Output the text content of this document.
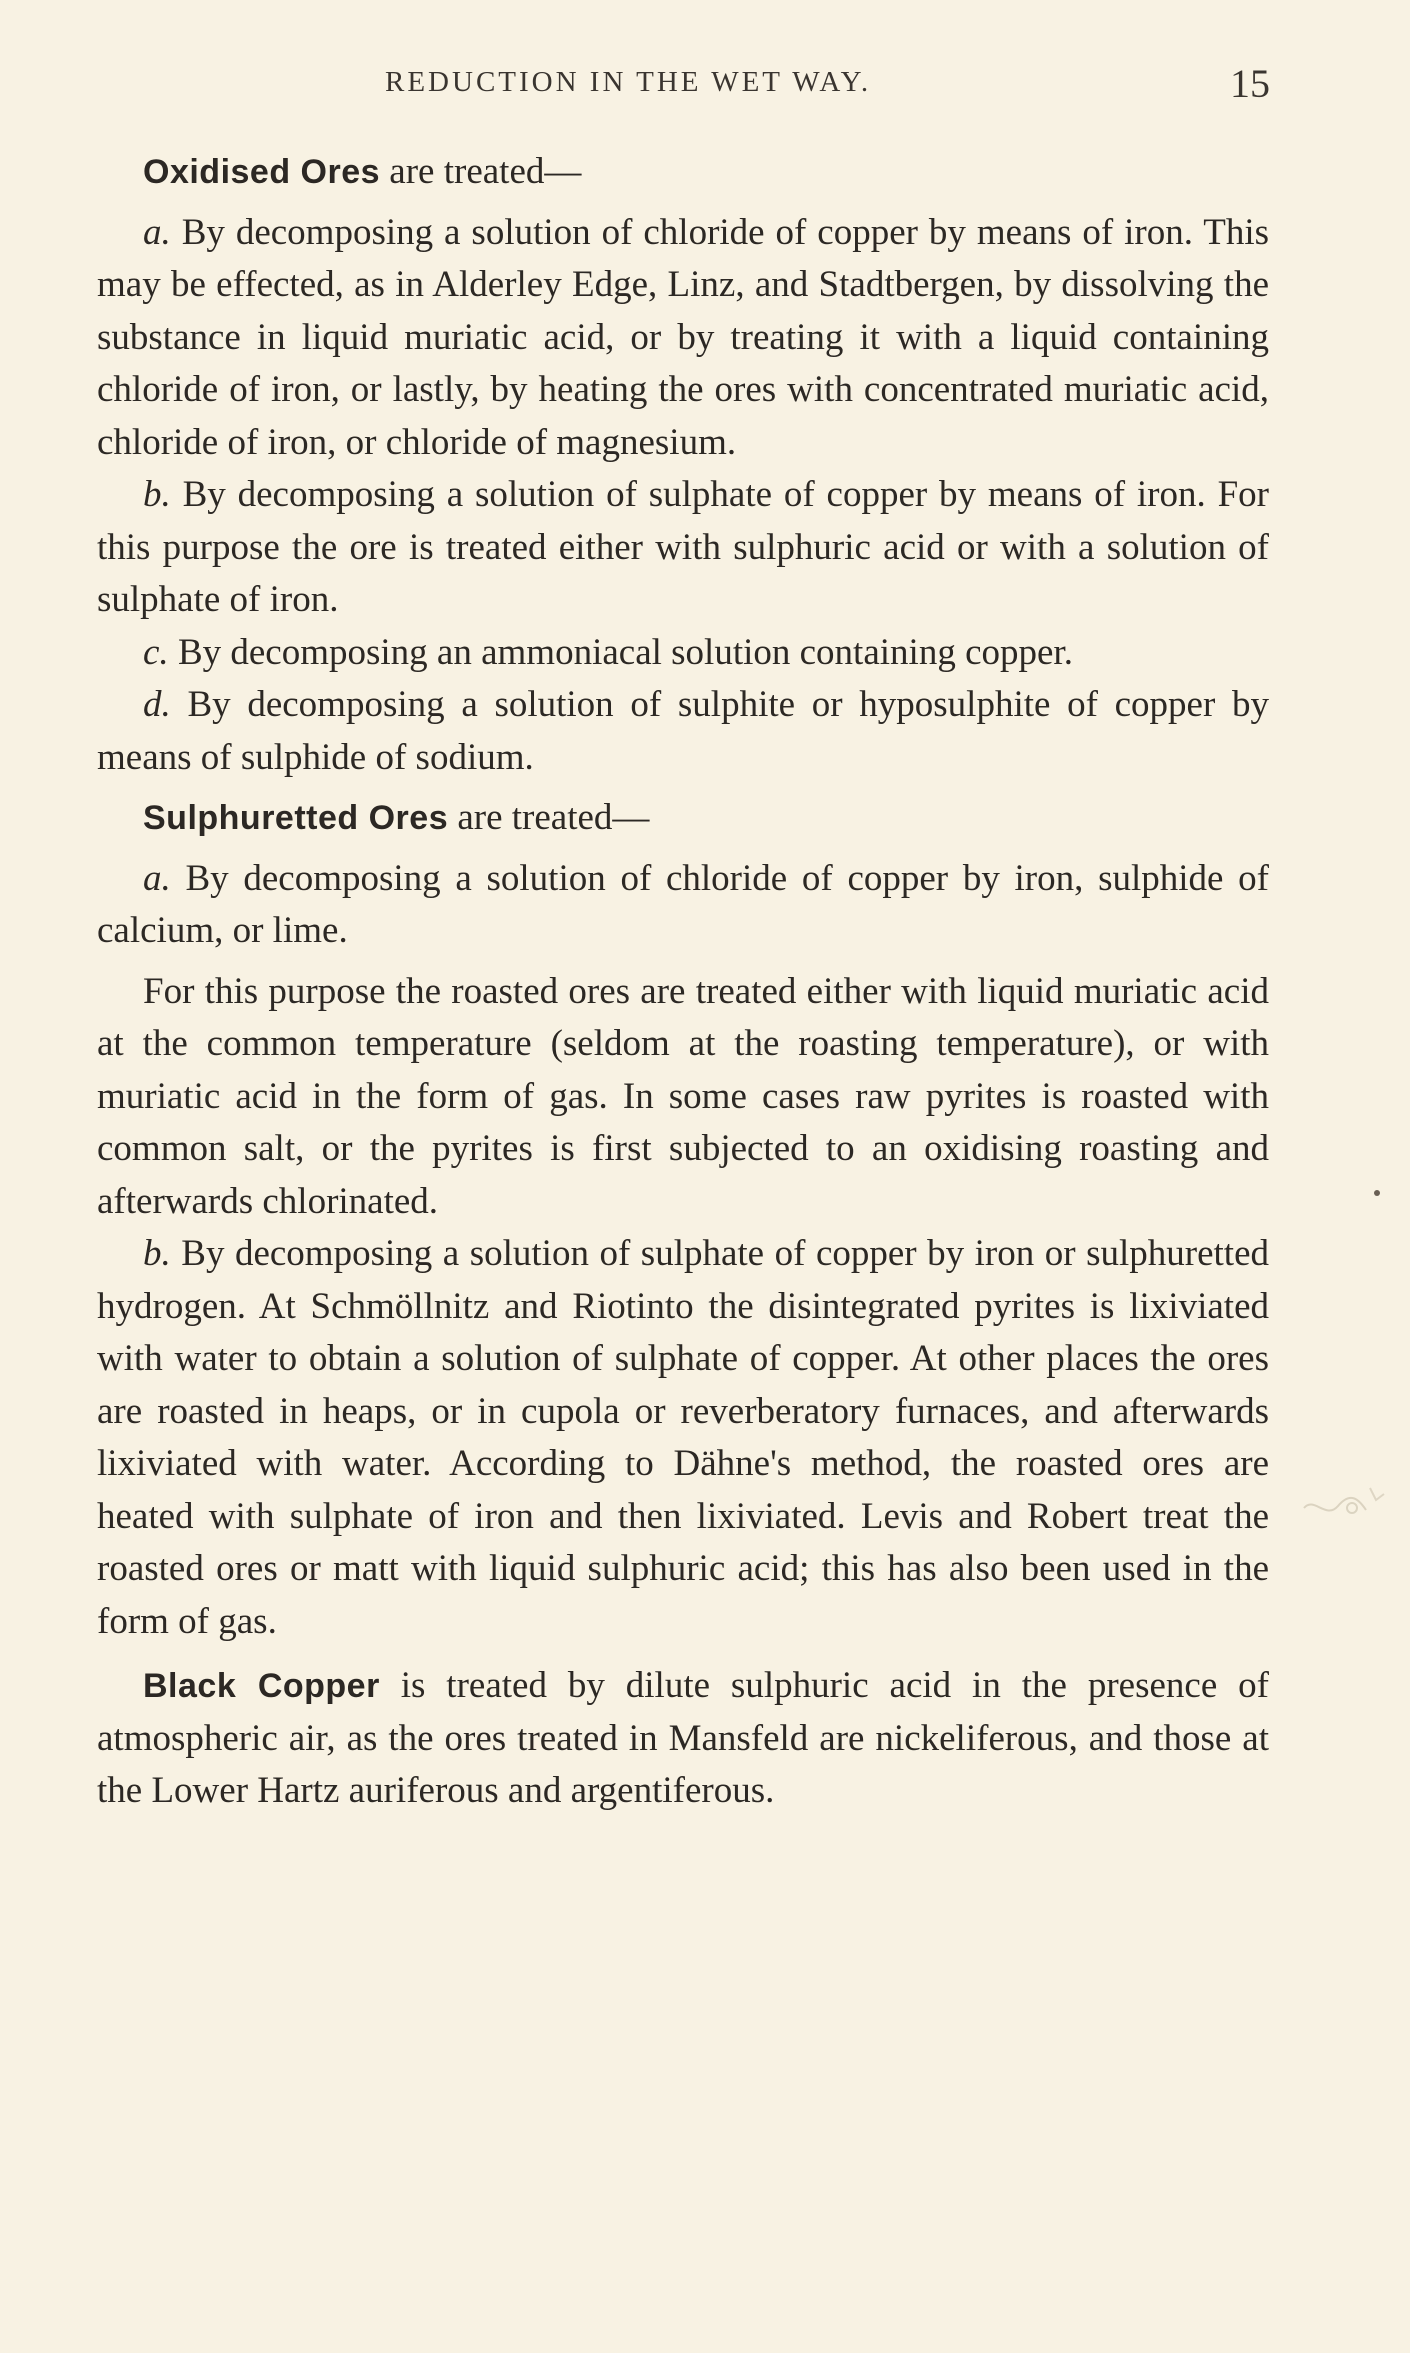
REDUCTION IN THE WET WAY.	15

Oxidised Ores are treated—

a. By decomposing a solution of chloride of copper by means of iron. This may be effected, as in Alderley Edge, Linz, and Stadtbergen, by dissolving the substance in liquid muriatic acid, or by treating it with a liquid containing chloride of iron, or lastly, by heating the ores with concentrated muriatic acid, chloride of iron, or chloride of magnesium.

b. By decomposing a solution of sulphate of copper by means of iron. For this purpose the ore is treated either with sulphuric acid or with a solution of sulphate of iron.

c. By decomposing an ammoniacal solution containing copper.

d. By decomposing a solution of sulphite or hyposulphite of copper by means of sulphide of sodium.

Sulphuretted Ores are treated—

a. By decomposing a solution of chloride of copper by iron, sulphide of calcium, or lime.

For this purpose the roasted ores are treated either with liquid muriatic acid at the common temperature (seldom at the roasting temperature), or with muriatic acid in the form of gas. In some cases raw pyrites is roasted with common salt, or the pyrites is first subjected to an oxidising roasting and afterwards chlorinated.

b. By decomposing a solution of sulphate of copper by iron or sulphuretted hydrogen. At Schmöllnitz and Riotinto the disintegrated pyrites is lixiviated with water to obtain a solution of sulphate of copper. At other places the ores are roasted in heaps, or in cupola or reverberatory furnaces, and afterwards lixiviated with water. According to Dähne's method, the roasted ores are heated with sulphate of iron and then lixiviated. Levis and Robert treat the roasted ores or matt with liquid sulphuric acid; this has also been used in the form of gas.

Black Copper is treated by dilute sulphuric acid in the presence of atmospheric air, as the ores treated in Mansfeld are nickeliferous, and those at the Lower Hartz auriferous and argentiferous.
